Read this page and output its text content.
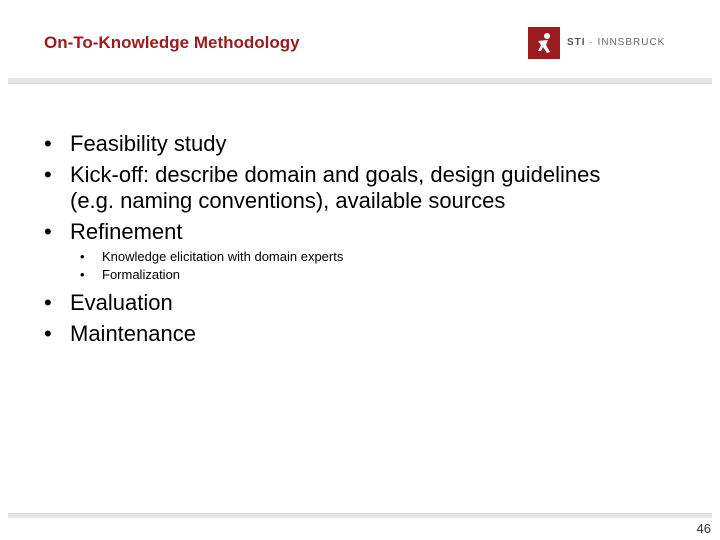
On-To-Knowledge Methodology	STI · INNSBRUCK
• Feasibility study
• Kick-off: describe domain and goals, design guidelines
(e.g. naming conventions), available sources
• Refinement
• Knowledge elicitation with domain experts
• Formalization
• Evaluation
• Maintenance
46
